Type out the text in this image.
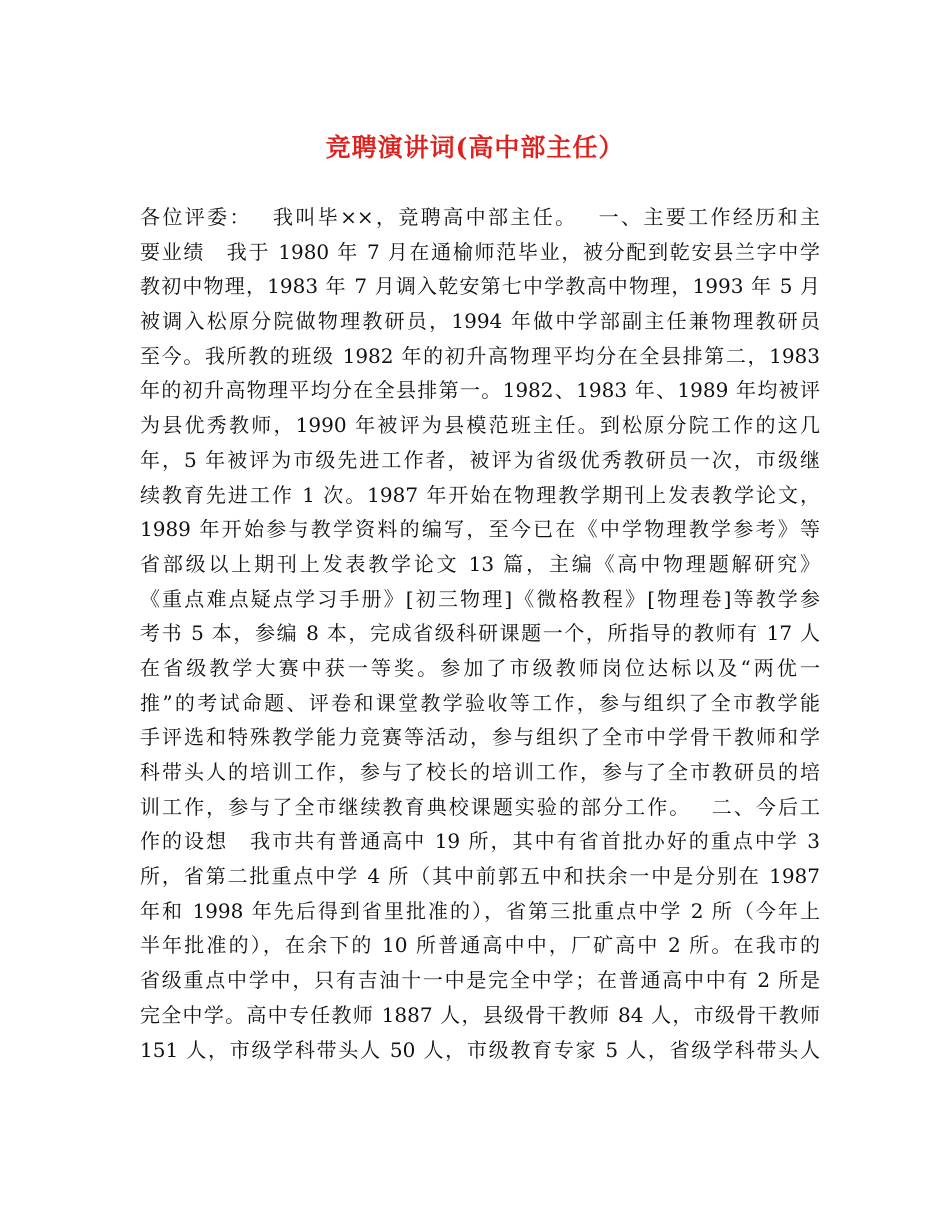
竞聘演讲词(高中部主任）
各位评委：　 我叫毕××，竞聘高中部主任。　 一、主要工作经历和主
要业绩　我于 1980 年 7 月在通榆师范毕业，被分配到乾安县兰字中学
教初中物理，1983 年 7 月调入乾安第七中学教高中物理，1993 年 5 月
被调入松原分院做物理教研员，1994 年做中学部副主任兼物理教研员
至今。我所教的班级 1982 年的初升高物理平均分在全县排第二，1983
年的初升高物理平均分在全县排第一。1982、1983 年、1989 年均被评
为县优秀教师，1990 年被评为县模范班主任。到松原分院工作的这几
年，5 年被评为市级先进工作者，被评为省级优秀教研员一次，市级继
续教育先进工作 1 次。1987 年开始在物理教学期刊上发表教学论文，
1989 年开始参与教学资料的编写，至今已在《中学物理教学参考》等
省部级以上期刊上发表教学论文 13 篇，主编《高中物理题解研究》
《重点难点疑点学习手册》[初三物理]《微格教程》[物理卷]等教学参
考书 5 本，参编 8 本，完成省级科研课题一个，所指导的教师有 17 人
在省级教学大赛中获一等奖。参加了市级教师岗位达标以及“两优一
推”的考试命题、评卷和课堂教学验收等工作，参与组织了全市教学能
手评选和特殊教学能力竞赛等活动，参与组织了全市中学骨干教师和学
科带头人的培训工作，参与了校长的培训工作，参与了全市教研员的培
训工作，参与了全市继续教育典校课题实验的部分工作。　 二、今后工
作的设想　我市共有普通高中 19 所，其中有省首批办好的重点中学 3
所，省第二批重点中学 4 所（其中前郭五中和扶余一中是分别在 1987
年和 1998 年先后得到省里批准的），省第三批重点中学 2 所（今年上
半年批准的），在余下的 10 所普通高中中，厂矿高中 2 所。在我市的
省级重点中学中，只有吉油十一中是完全中学；在普通高中中有 2 所是
完全中学。高中专任教师 1887 人，县级骨干教师 84 人，市级骨干教师
151 人，市级学科带头人 50 人，市级教育专家 5 人，省级学科带头人
